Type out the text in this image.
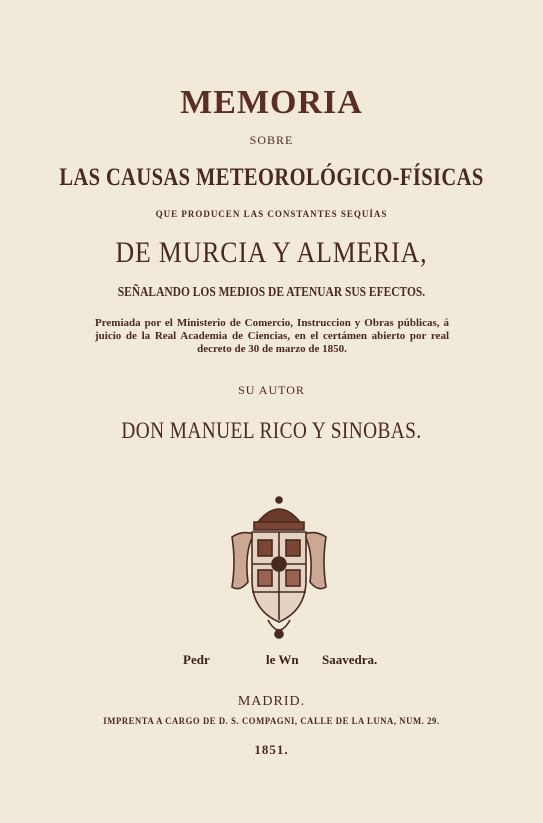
MEMORIA
SOBRE
LAS CAUSAS METEOROLÓGICO-FÍSICAS
QUE PRODUCEN LAS CONSTANTES SEQUÍAS
DE MURCIA Y ALMERIA,
SEÑALANDO LOS MEDIOS DE ATENUAR SUS EFECTOS.
Premiada por el Ministerio de Comercio, Instruccion y Obras públicas, á juicio de la Real Academia de Ciencias, en el certámen abierto por real decreto de 30 de marzo de 1850.
SU AUTOR
DON MANUEL RICO Y SINOBAS.
Pedr	le Wn Saavedra.
MADRID.
IMPRENTA A CARGO DE D. S. COMPAGNI, CALLE DE LA LUNA, NUM. 29.
1851.
